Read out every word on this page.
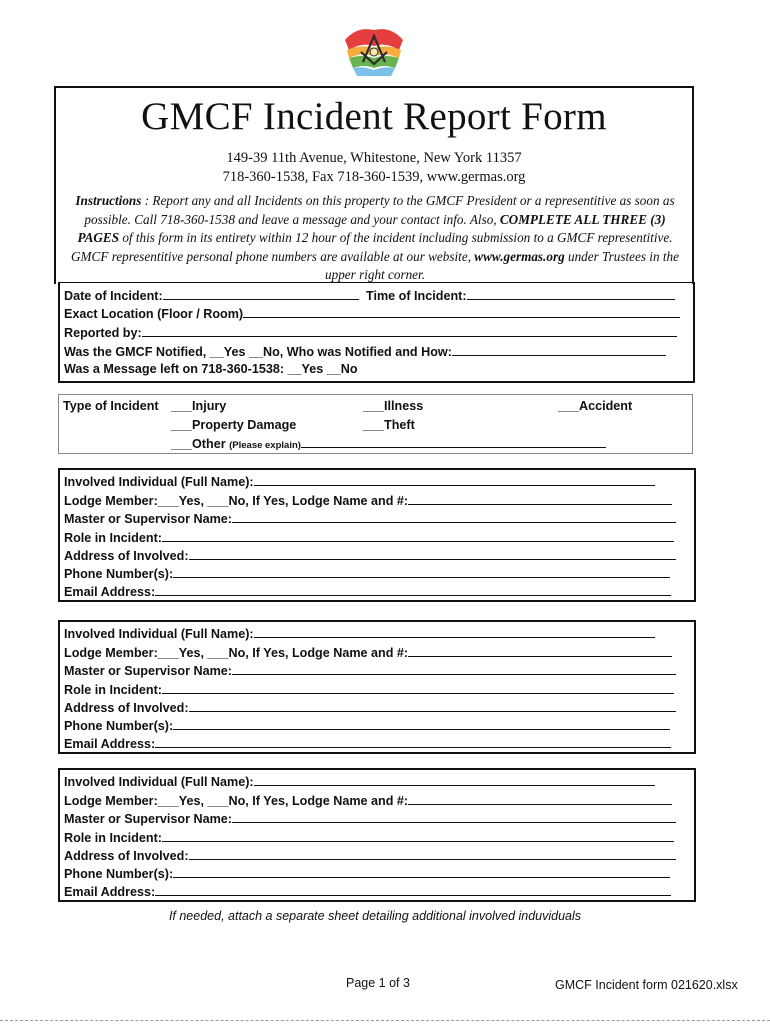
GMCF Incident Report Form
149-39 11th Avenue, Whitestone, New York 11357
718-360-1538, Fax 718-360-1539, www.germas.org
Instructions : Report any and all Incidents on this property to the GMCF President or a representitive as soon as possible. Call 718-360-1538 and leave a message and your contact info. Also, COMPLETE ALL THREE (3) PAGES of this form in its entirety within 12 hour of the incident including submission to a GMCF representitive. GMCF representitive personal phone numbers are available at our website, www.germas.org under Trustees in the upper right corner.
Date of Incident:	Time of Incident:
Exact Location (Floor / Room)
Reported by:
Was the GMCF Notified, __Yes __No, Who was Notified and How:
Was a Message left on 718-360-1538: __Yes __No
Type of Incident ___Injury	___Illness	___Accident
___Property Damage	___Theft
___Other (Please explain)
Involved Individual (Full Name):
Lodge Member:___Yes, ___No, If Yes, Lodge Name and #:
Master or Supervisor Name:
Role in Incident:
Address of Involved:
Phone Number(s):
Email Address:
Involved Individual (Full Name):
Lodge Member:___Yes, ___No, If Yes, Lodge Name and #:
Master or Supervisor Name:
Role in Incident:
Address of Involved:
Phone Number(s):
Email Address:
Involved Individual (Full Name):
Lodge Member:___Yes, ___No, If Yes, Lodge Name and #:
Master or Supervisor Name:
Role in Incident:
Address of Involved:
Phone Number(s):
Email Address:
If needed, attach a separate sheet detailing additional involved induviduals
Page 1 of 3	GMCF Incident form 021620.xlsx
